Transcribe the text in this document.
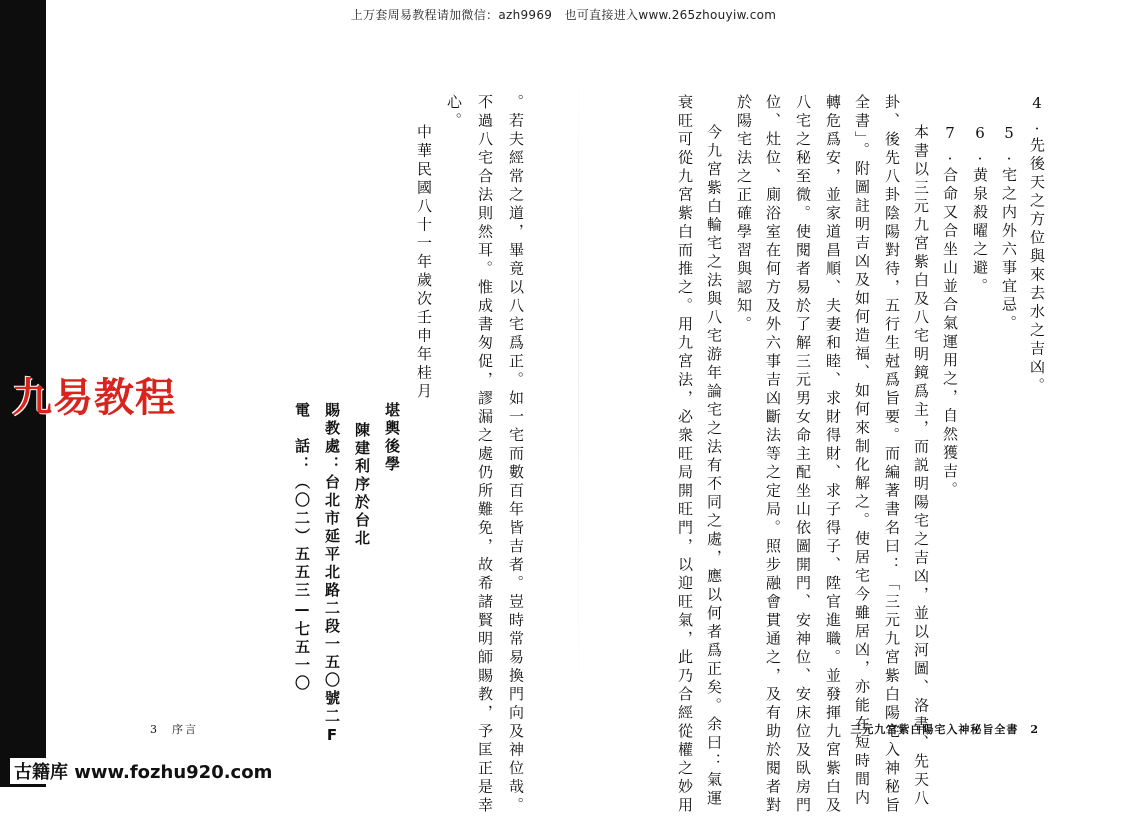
上万套周易教程请加微信：azh9969　也可直接进入www.265zhouyiw.com
4.先後天之方位與來去水之吉凶。
5.宅之内外六事宜忌。
6.黄泉殺曜之避。
7.合命又合坐山並合氣運用之，自然獲吉。
本書以三元九宮紫白及八宅明鏡爲主，而説明陽宅之吉凶，並以河圖、洛書、先天八
卦、後先八卦陰陽對待，五行生尅爲旨要。而編著書名曰：「三元九宮紫白陽宅入神秘旨
全書」。附圖註明吉凶及如何造福、如何來制化解之。使居宅今雖居凶，亦能在短時間内
轉危爲安，並家道昌順、夫妻和睦、求財得財、求子得子、陞官進職。並發揮九宮紫白及
八宅之秘至微。使閱者易於了解三元男女命主配坐山依圖開門、安神位、安床位及臥房門
位、灶位、廁浴室在何方及外六事吉凶斷法等之定局。照步融會貫通之，及有助於閱者對
於陽宅法之正確學習與認知。
今九宮紫白輪宅之法與八宅游年論宅之法有不同之處，應以何者爲正矣。余曰：氣運
衰旺可從九宮紫白而推之。用九宮法，必衆旺局開旺門，以迎旺氣，此乃合經從權之妙用
。若夫經常之道，畢竟以八宅爲正。如一宅而數百年皆吉者。豈時常易換門向及神位哉。
不過八宅合法則然耳。惟成書匆促，謬漏之處仍所難免，故希諸賢明師賜教，予匡正是幸
心。
中華民國八十一年歲次壬申年桂月
堪輿後學
陳建利序於台北
賜教處：台北市延平北路二段一五〇號二F
電　話：（〇二）五五三—七五一〇
3　序言	三元九宮紫白陽宅入神秘旨全書　2
九易教程
古籍库 www.fozhu920.com
